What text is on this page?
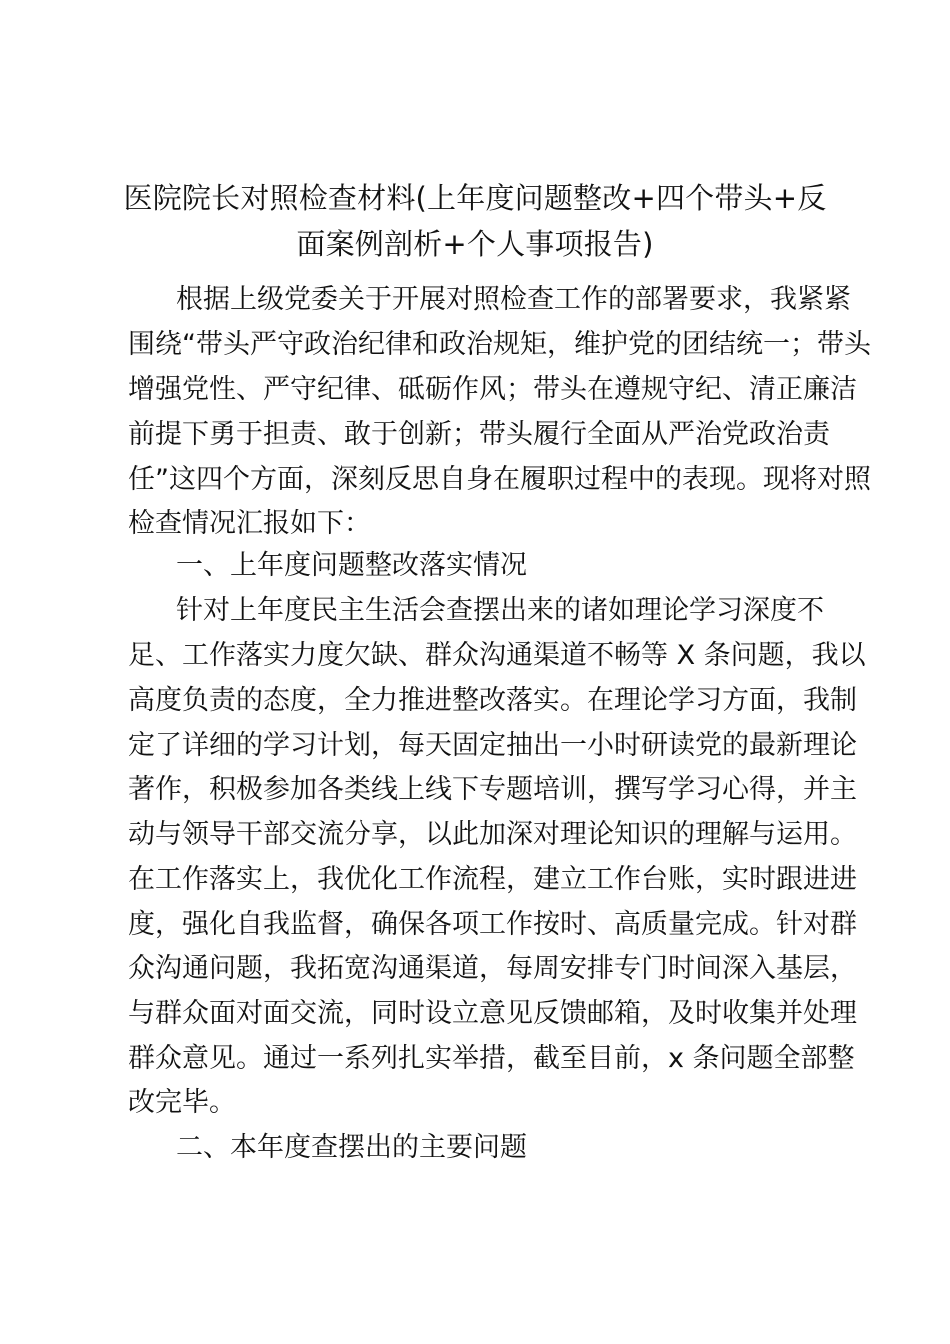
医院院长对照检查材料(上年度问题整改+四个带头+反
面案例剖析+个人事项报告)
根据上级党委关于开展对照检查工作的部署要求，我紧紧
围绕“带头严守政治纪律和政治规矩，维护党的团结统一；带头
增强党性、严守纪律、砥砺作风；带头在遵规守纪、清正廉洁
前提下勇于担责、敢于创新；带头履行全面从严治党政治责
任”这四个方面，深刻反思自身在履职过程中的表现。现将对照
检查情况汇报如下：
一、上年度问题整改落实情况
针对上年度民主生活会查摆出来的诸如理论学习深度不
足、工作落实力度欠缺、群众沟通渠道不畅等 X 条问题，我以
高度负责的态度，全力推进整改落实。在理论学习方面，我制
定了详细的学习计划，每天固定抽出一小时研读党的最新理论
著作，积极参加各类线上线下专题培训，撰写学习心得，并主
动与领导干部交流分享，以此加深对理论知识的理解与运用。
在工作落实上，我优化工作流程，建立工作台账，实时跟进进
度，强化自我监督，确保各项工作按时、高质量完成。针对群
众沟通问题，我拓宽沟通渠道，每周安排专门时间深入基层，
与群众面对面交流，同时设立意见反馈邮箱，及时收集并处理
群众意见。通过一系列扎实举措，截至目前，x 条问题全部整
改完毕。
二、本年度查摆出的主要问题
